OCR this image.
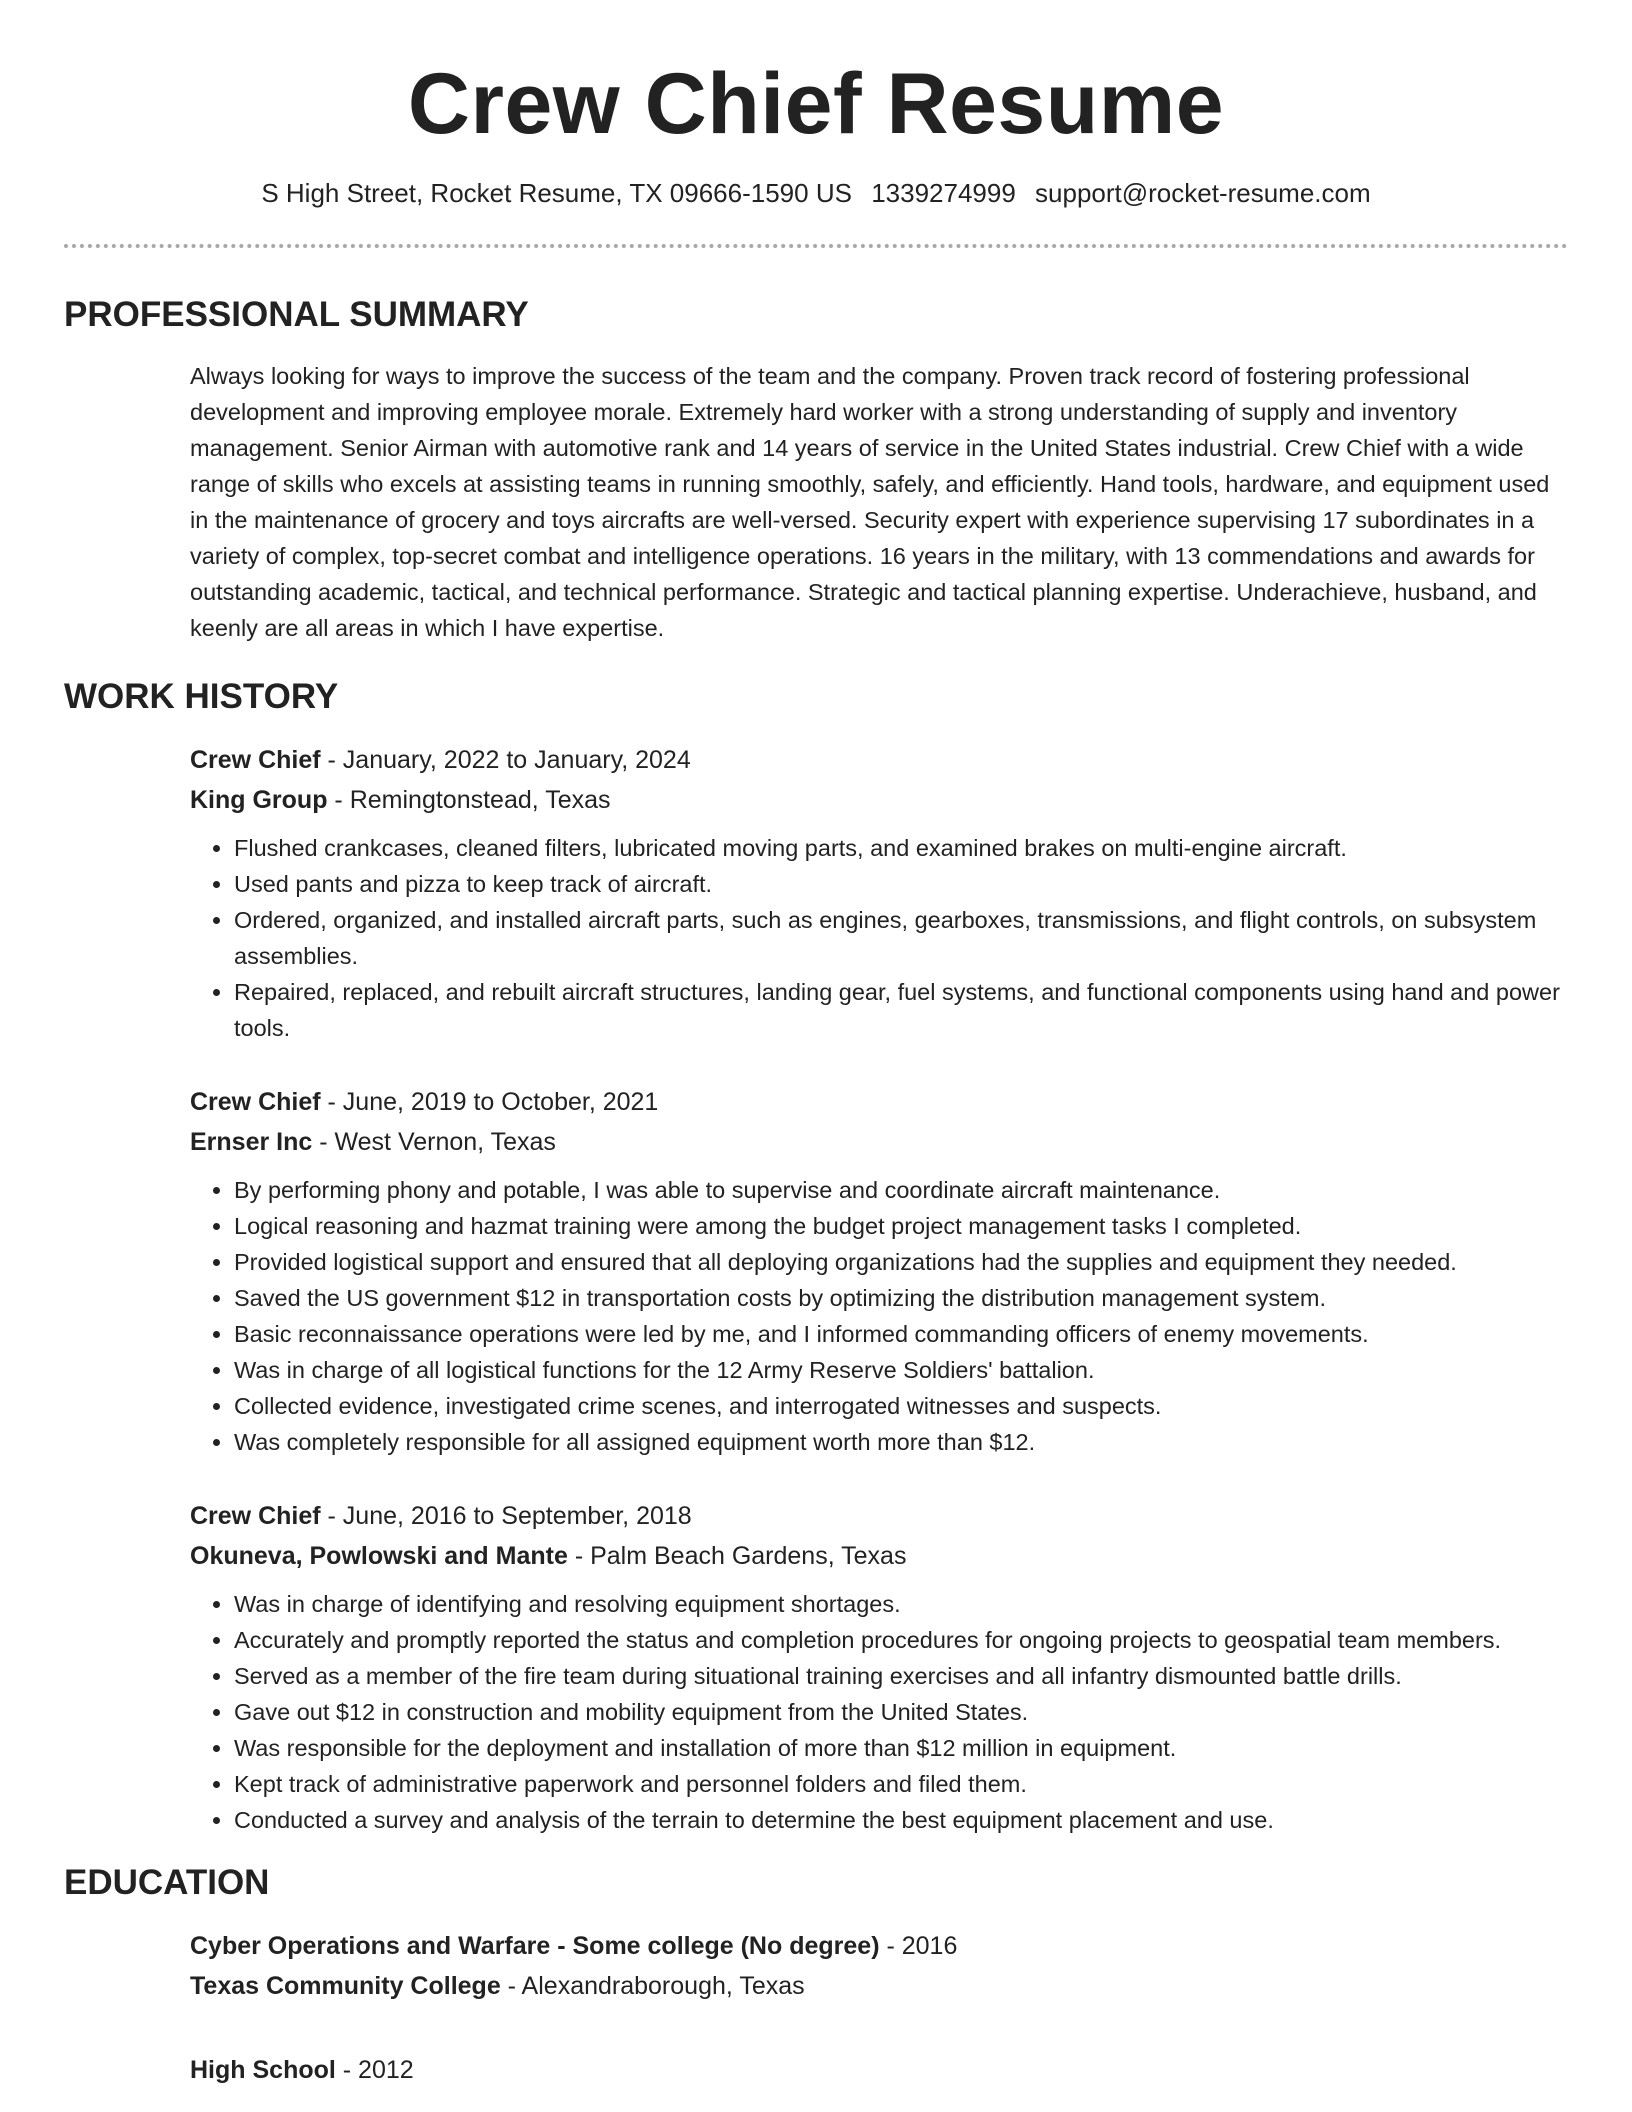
Crew Chief Resume
S High Street, Rocket Resume, TX 09666-1590 US 1339274999 support@rocket-resume.com
PROFESSIONAL SUMMARY
Always looking for ways to improve the success of the team and the company. Proven track record of fostering professional development and improving employee morale. Extremely hard worker with a strong understanding of supply and inventory management. Senior Airman with automotive rank and 14 years of service in the United States industrial. Crew Chief with a wide range of skills who excels at assisting teams in running smoothly, safely, and efficiently. Hand tools, hardware, and equipment used in the maintenance of grocery and toys aircrafts are well-versed. Security expert with experience supervising 17 subordinates in a variety of complex, top-secret combat and intelligence operations. 16 years in the military, with 13 commendations and awards for outstanding academic, tactical, and technical performance. Strategic and tactical planning expertise. Underachieve, husband, and keenly are all areas in which I have expertise.
WORK HISTORY
Crew Chief - January, 2022 to January, 2024
King Group - Remingtonstead, Texas
• Flushed crankcases, cleaned filters, lubricated moving parts, and examined brakes on multi-engine aircraft.
• Used pants and pizza to keep track of aircraft.
• Ordered, organized, and installed aircraft parts, such as engines, gearboxes, transmissions, and flight controls, on subsystem assemblies.
• Repaired, replaced, and rebuilt aircraft structures, landing gear, fuel systems, and functional components using hand and power tools.
Crew Chief - June, 2019 to October, 2021
Ernser Inc - West Vernon, Texas
• By performing phony and potable, I was able to supervise and coordinate aircraft maintenance.
• Logical reasoning and hazmat training were among the budget project management tasks I completed.
• Provided logistical support and ensured that all deploying organizations had the supplies and equipment they needed.
• Saved the US government $12 in transportation costs by optimizing the distribution management system.
• Basic reconnaissance operations were led by me, and I informed commanding officers of enemy movements.
• Was in charge of all logistical functions for the 12 Army Reserve Soldiers' battalion.
• Collected evidence, investigated crime scenes, and interrogated witnesses and suspects.
• Was completely responsible for all assigned equipment worth more than $12.
Crew Chief - June, 2016 to September, 2018
Okuneva, Powlowski and Mante - Palm Beach Gardens, Texas
• Was in charge of identifying and resolving equipment shortages.
• Accurately and promptly reported the status and completion procedures for ongoing projects to geospatial team members.
• Served as a member of the fire team during situational training exercises and all infantry dismounted battle drills.
• Gave out $12 in construction and mobility equipment from the United States.
• Was responsible for the deployment and installation of more than $12 million in equipment.
• Kept track of administrative paperwork and personnel folders and filed them.
• Conducted a survey and analysis of the terrain to determine the best equipment placement and use.
EDUCATION
Cyber Operations and Warfare - Some college (No degree) - 2016
Texas Community College - Alexandraborough, Texas
High School - 2012
